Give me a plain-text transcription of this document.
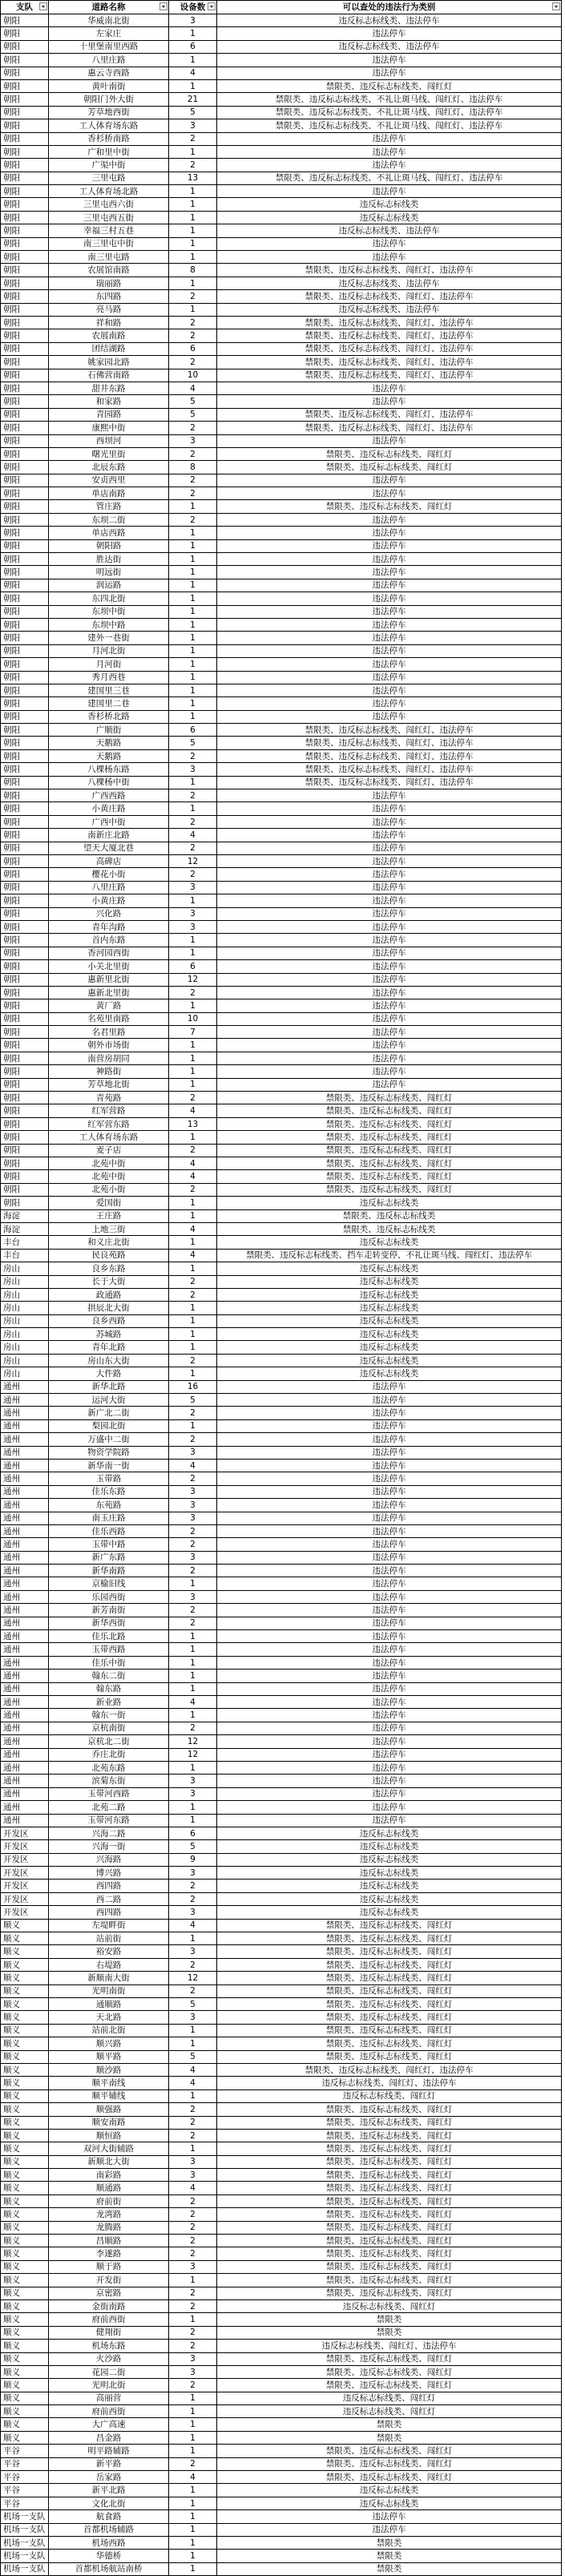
支队	道路名称	设备数	可以查处的违法行为类别

朝阳	华威南北街	3	违反标志标线类、违法停车
朝阳	左家庄	1	违法停车
朝阳	十里堡南里西路	6	违反标志标线类、违法停车
朝阳	八里庄路	1	违法停车
朝阳	惠云寺西路	4	违法停车
朝阳	黄叶南街	1	禁限类、违反标志标线类、闯红灯
朝阳	朝阳门外大街	21	禁限类、违反标志标线类、不礼让斑马线、闯红灯、违法停车
朝阳	芳草地西街	5	禁限类、违反标志标线类、不礼让斑马线、闯红灯、违法停车
朝阳	工人体育场东路	3	禁限类、违反标志标线类、不礼让斑马线、闯红灯、违法停车
朝阳	香杉桥南路	2	违法停车
朝阳	广和里中街	1	违法停车
朝阳	广渠中街	2	违法停车
朝阳	三里屯路	13	禁限类、违反标志标线类、不礼让斑马线、闯红灯、违法停车
朝阳	工人体育场北路	1	违法停车
朝阳	三里屯西六街	1	违反标志标线类
朝阳	三里屯西五街	1	违反标志标线类
朝阳	幸福三村五巷	1	违反标志标线类、违法停车
朝阳	南三里屯中街	1	违法停车
朝阳	南三里屯路	1	违法停车
朝阳	农展馆南路	8	禁限类、违反标志标线类、闯红灯、违法停车
朝阳	瑞丽路	1	违反标志标线类、违法停车
朝阳	东四路	2	禁限类、违反标志标线类、闯红灯、违法停车
朝阳	亮马路	1	违反标志标线类、违法停车
朝阳	祥和路	2	禁限类、违反标志标线类、闯红灯、违法停车
朝阳	农展南路	2	禁限类、违反标志标线类、闯红灯、违法停车
朝阳	团结湖路	6	禁限类、违反标志标线类、闯红灯、违法停车
朝阳	姚家园北路	2	禁限类、违反标志标线类、闯红灯、违法停车
朝阳	石佛营南路	10	禁限类、违反标志标线类、闯红灯、违法停车
朝阳	甜井东路	4	违法停车
朝阳	和家路	5	违法停车
朝阳	青园路	5	禁限类、违反标志标线类、闯红灯、违法停车
朝阳	康熙中街	2	禁限类、违反标志标线类、闯红灯、违法停车
朝阳	西坝河	3	违法停车
朝阳	曙光里街	2	禁限类、违反标志标线类、闯红灯
朝阳	北辰东路	8	禁限类、违反标志标线类、闯红灯
朝阳	安贞西里	2	违法停车
朝阳	单店南路	2	违法停车
朝阳	管庄路	1	禁限类、违反标志标线类、闯红灯
朝阳	东坝二街	2	违法停车
朝阳	单店西路	1	违法停车
朝阳	朝阳路	1	违法停车
朝阳	胜达街	1	违法停车
朝阳	明远街	1	违法停车
朝阳	润运路	1	违法停车
朝阳	东四北街	1	违法停车
朝阳	东坝中街	1	违法停车
朝阳	东坝中路	1	违法停车
朝阳	建外一巷街	1	违法停车
朝阳	月河北街	1	违法停车
朝阳	月河街	1	违法停车
朝阳	秀月西巷	1	违法停车
朝阳	建国里三巷	1	违法停车
朝阳	建国里二巷	1	违法停车
朝阳	香杉桥北路	1	违法停车
朝阳	广顺街	6	禁限类、违反标志标线类、闯红灯、违法停车
朝阳	天鹅路	5	禁限类、违反标志标线类、闯红灯、违法停车
朝阳	天鹅路	2	禁限类、违反标志标线类、闯红灯、违法停车
朝阳	八棵杨东路	3	禁限类、违反标志标线类、闯红灯、违法停车
朝阳	八棵杨中街	1	禁限类、违反标志标线类、闯红灯、违法停车
朝阳	广西西路	2	违法停车
朝阳	小黄庄路	1	违法停车
朝阳	广西中街	2	违法停车
朝阳	南新庄北路	4	违法停车
朝阳	望天大厦北巷	2	违法停车
朝阳	高碑店	12	违法停车
朝阳	樱花小街	2	违法停车
朝阳	八里庄路	3	违法停车
朝阳	小黄庄路	1	违法停车
朝阳	兴化路	3	违法停车
朝阳	青年沟路	3	违法停车
朝阳	首内东路	1	违法停车
朝阳	香河园西街	1	违法停车
朝阳	小关北里街	6	违法停车
朝阳	惠新里北街	12	违法停车
朝阳	惠新北里街	2	违法停车
朝阳	黄厂路	1	违法停车
朝阳	名苑里南路	10	违法停车
朝阳	名君里路	7	违法停车
朝阳	朝外市场街	1	违法停车
朝阳	南营房胡同	1	违法停车
朝阳	神路街	1	违法停车
朝阳	芳草地北街	1	违法停车
朝阳	青苑路	2	禁限类、违反标志标线类、闯红灯
朝阳	红军营路	4	禁限类、违反标志标线类、闯红灯
朝阳	红军营东路	13	禁限类、违反标志标线类、闯红灯
朝阳	工人体育场东路	1	禁限类、违反标志标线类、闯红灯
朝阳	麦子店	2	禁限类、违反标志标线类、闯红灯
朝阳	北苑中街	4	禁限类、违反标志标线类、闯红灯
朝阳	北苑中街	4	禁限类、违反标志标线类、闯红灯
朝阳	北苑小街	2	禁限类、违反标志标线类、闯红灯
朝阳	爱国街	1	违反标志标线类
海淀	王庄路	1	禁限类、违反标志标线类
海淀	上地三街	4	禁限类、违反标志标线类
丰台	和义庄北街	1	违反标志标线类
丰台	民良苑路	4	禁限类、违反标志标线类、挡车走转变停、不礼让斑马线、闯红灯、违法停车
房山	良乡东路	1	违反标志标线类
房山	长于大街	2	违反标志标线类
房山	政通路	2	违反标志标线类
房山	拱辰北大街	1	违反标志标线类
房山	良乡西路	1	违反标志标线类
房山	苏城路	1	违反标志标线类
房山	青年北路	1	违反标志标线类
房山	房山东大街	2	违反标志标线类
房山	大件路	1	违反标志标线类
通州	新华北路	16	违法停车
通州	运河大街	5	违法停车
通州	新广北二街	2	违法停车
通州	梨园北街	1	违法停车
通州	万盛中二街	2	违法停车
通州	物资学院路	3	违法停车
通州	新华南一街	4	违法停车
通州	玉带路	2	违法停车
通州	佳乐东路	3	违法停车
通州	东苑路	3	违法停车
通州	南玉庄路	3	违法停车
通州	佳乐西路	2	违法停车
通州	玉带中路	2	违法停车
通州	新广东路	3	违法停车
通州	新华南路	2	违法停车
通州	京榆旧线	1	违法停车
通州	乐园西街	3	违法停车
通州	新芳南街	2	违法停车
通州	新华西街	2	违法停车
通州	佳乐北路	1	违法停车
通州	玉带西路	1	违法停车
通州	佳乐中街	1	违法停车
通州	翰东二街	1	违法停车
通州	翰东路	1	违法停车
通州	新业路	4	违法停车
通州	翰东一街	1	违法停车
通州	京杭南街	2	违法停车
通州	京杭北二街	12	违法停车
通州	乔庄北街	12	违法停车
通州	北苑东路	1	违法停车
通州	滨菊东街	3	违法停车
通州	玉带河西路	3	违法停车
通州	北苑二路	1	违法停车
通州	玉带河东路	1	违法停车
开发区	兴海二路	6	违反标志标线类
开发区	兴海一街	5	违反标志标线类
开发区	兴海路	9	违反标志标线类
开发区	博兴路	3	违反标志标线类
开发区	西四路	2	违反标志标线类
开发区	西二路	2	违反标志标线类
开发区	西四路	3	违反标志标线类
顺义	左堤畔街	4	禁限类、违反标志标线类、闯红灯
顺义	站前街	1	禁限类、违反标志标线类、闯红灯
顺义	裕安路	3	禁限类、违反标志标线类、闯红灯
顺义	右堤路	2	禁限类、违反标志标线类、闯红灯
顺义	新顺南大街	12	禁限类、违反标志标线类、闯红灯
顺义	光明南街	2	禁限类、违反标志标线类、闯红灯
顺义	通顺路	5	禁限类、违反标志标线类、闯红灯
顺义	天北路	3	禁限类、违反标志标线类、闯红灯
顺义	站前北街	1	禁限类、违反标志标线类、闯红灯
顺义	顺兴路	1	禁限类、违反标志标线类、闯红灯
顺义	顺平路	5	禁限类、违反标志标线类、闯红灯
顺义	顺沙路	4	禁限类、违反标志标线类、闯红灯、违法停车
顺义	顺平南线	4	违反标志标线类、闯红灯、违法停车
顺义	顺平辅线	1	违反标志标线类、闯红灯
顺义	顺强路	2	禁限类、违反标志标线类、闯红灯
顺义	顺安南路	2	禁限类、违反标志标线类、闯红灯
顺义	顺恒路	2	禁限类、违反标志标线类、闯红灯
顺义	双河大街辅路	1	禁限类、违反标志标线类、闯红灯
顺义	新顺北大街	3	禁限类、违反标志标线类、闯红灯
顺义	南彩路	3	禁限类、违反标志标线类、闯红灯
顺义	顺通路	4	禁限类、违反标志标线类、闯红灯
顺义	府前街	2	禁限类、违反标志标线类、闯红灯
顺义	龙湾路	2	禁限类、违反标志标线类、闯红灯
顺义	龙腾路	2	禁限类、违反标志标线类、闯红灯
顺义	昌顺路	2	禁限类、违反标志标线类、闯红灯
顺义	李遂路	2	禁限类、违反标志标线类、闯红灯
顺义	顺于路	3	禁限类、违反标志标线类、闯红灯
顺义	开发街	1	禁限类、违反标志标线类、闯红灯
顺义	京密路	2	禁限类、违反标志标线类、闯红灯
顺义	金街南路	2	违反标志标线类、闯红灯
顺义	府前西街	1	禁限类
顺义	健翔街	2	禁限类
顺义	机场东路	2	违反标志标线类、闯红灯、违法停车
顺义	火沙路	3	禁限类、违反标志标线类、闯红灯
顺义	花园二街	3	禁限类、违反标志标线类、闯红灯
顺义	光明北街	2	禁限类、违反标志标线类、闯红灯
顺义	高丽营	1	违反标志标线类、闯红灯
顺义	府前西街	1	违反标志标线类、闯红灯
顺义	大广高速	1	禁限类
顺义	昌金路	1	禁限类
平谷	明平路辅路	1	禁限类、违反标志标线类、闯红灯
平谷	新平路	2	禁限类、违反标志标线类、闯红灯
平谷	岳家路	4	禁限类、违反标志标线类、闯红灯
平谷	新平北路	1	违反标志标线类
平谷	文化北街	1	违反标志标线类
机场一支队	航食路	1	违法停车
机场一支队	首都机场辅路	1	违法停车
机场一支队	机场西路	1	禁限类
机场一支队	华德桥	1	禁限类
机场一支队	首都机场航站南桥	1	禁限类
